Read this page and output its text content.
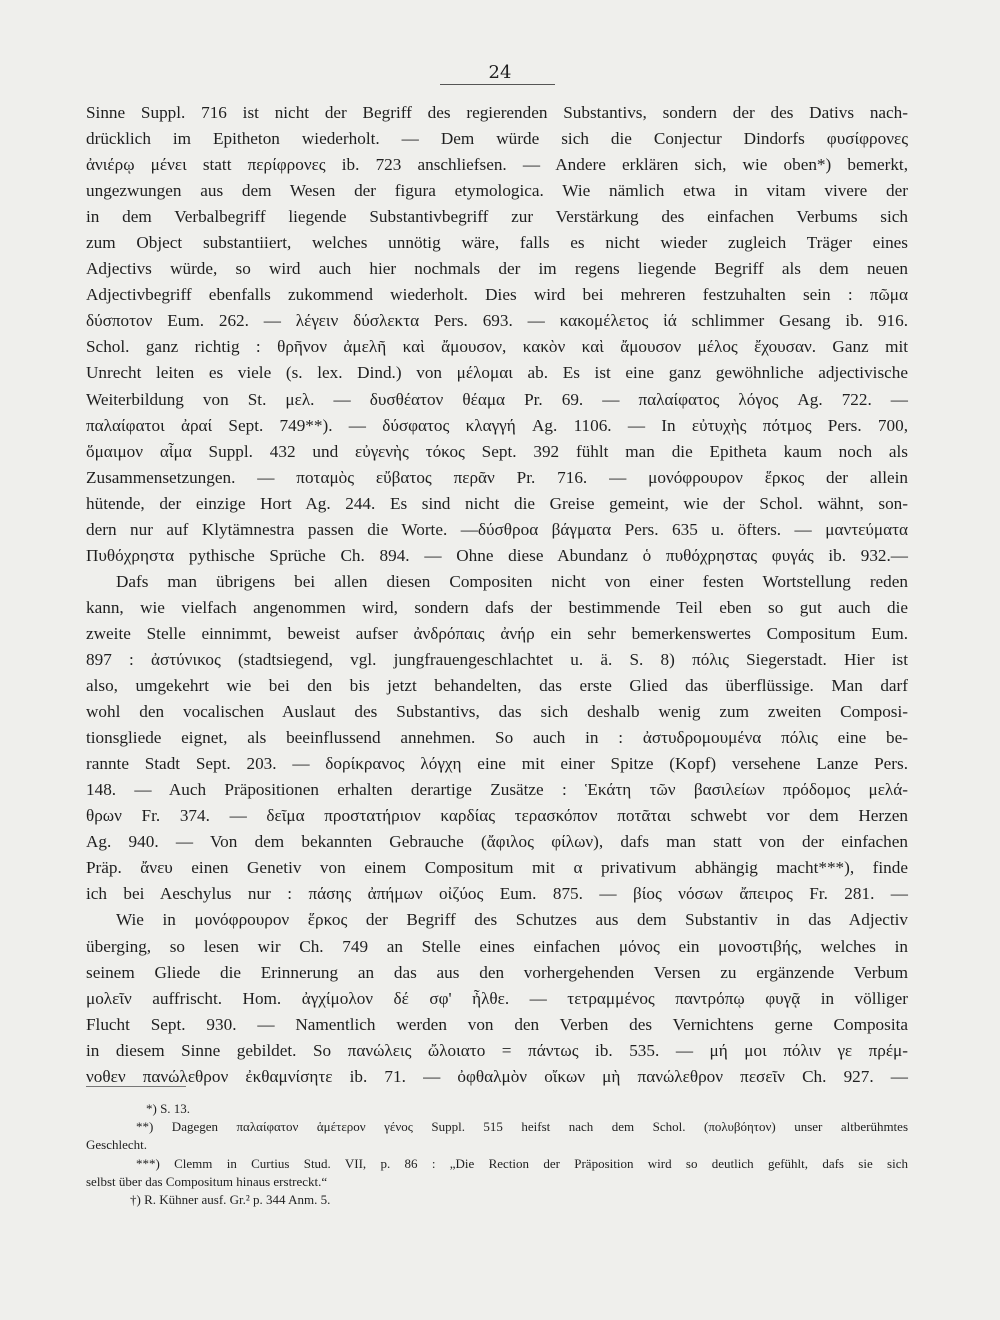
24
Sinne Suppl. 716 ist nicht der Begriff des regierenden Substantivs, sondern der des Dativs nach-
drücklich im Epitheton wiederholt. — Dem würde sich die Conjectur Dindorfs φυσίφρονες
ἀνιέρῳ μένει statt περίφρονες ib. 723 anschliefsen. — Andere erklären sich, wie oben*) bemerkt,
ungezwungen aus dem Wesen der figura etymologica. Wie nämlich etwa in vitam vivere der
in dem Verbalbegriff liegende Substantivbegriff zur Verstärkung des einfachen Verbums sich
zum Object substantiiert, welches unnötig wäre, falls es nicht wieder zugleich Träger eines
Adjectivs würde, so wird auch hier nochmals der im regens liegende Begriff als dem neuen
Adjectivbegriff ebenfalls zukommend wiederholt. Dies wird bei mehreren festzuhalten sein : πῶμα
δύσποτον Eum. 262. — λέγειν δύσλεκτα Pers. 693. — κακομέλετος ἰά schlimmer Gesang ib. 916.
Schol. ganz richtig : θρῆνον ἀμελῆ καὶ ἄμουσον, κακὸν καὶ ἄμουσον μέλος ἔχουσαν. Ganz mit
Unrecht leiten es viele (s. lex. Dind.) von μέλομαι ab. Es ist eine ganz gewöhnliche adjectivische
Weiterbildung von St. μελ. — δυσθέατον θέαμα Pr. 69. — παλαίφατος λόγος Ag. 722. —
παλαίφατοι ἀραί Sept. 749**). — δύσφατος κλαγγή Ag. 1106. — In εὐτυχὴς πότμος Pers. 700,
ὅμαιμον αἷμα Suppl. 432 und εὐγενὴς τόκος Sept. 392 fühlt man die Epitheta kaum noch als
Zusammensetzungen. — ποταμὸς εὔβατος περᾶν Pr. 716. — μονόφρουρον ἕρκος der allein
hütende, der einzige Hort Ag. 244. Es sind nicht die Greise gemeint, wie der Schol. wähnt, son-
dern nur auf Klytämnestra passen die Worte. —δύσθροα βάγματα Pers. 635 u. öfters. — μαντεύματα
Πυθόχρηστα pythische Sprüche Ch. 894. — Ohne diese Abundanz ὁ πυθόχρηστας φυγάς ib. 932.—
Dafs man übrigens bei allen diesen Compositen nicht von einer festen Wortstellung reden
kann, wie vielfach angenommen wird, sondern dafs der bestimmende Teil eben so gut auch die
zweite Stelle einnimmt, beweist aufser ἀνδρόπαις ἀνήρ ein sehr bemerkenswertes Compositum Eum.
897 : ἀστύνικος (stadtsiegend, vgl. jungfrauengeschlachtet u. ä. S. 8) πόλις Siegerstadt. Hier ist
also, umgekehrt wie bei den bis jetzt behandelten, das erste Glied das überflüssige. Man darf
wohl den vocalischen Auslaut des Substantivs, das sich deshalb wenig zum zweiten Composi-
tionsgliede eignet, als beeinflussend annehmen. So auch in : ἀστυδρομουμένα πόλις eine be-
rannte Stadt Sept. 203. — δορίκρανος λόγχη eine mit einer Spitze (Kopf) versehene Lanze Pers.
148. — Auch Präpositionen erhalten derartige Zusätze : Ἑκάτη τῶν βασιλείων πρόδομος μελά-
θρων Fr. 374. — δεῖμα προστατήριον καρδίας τερασκόπον ποτᾶται schwebt vor dem Herzen
Ag. 940. — Von dem bekannten Gebrauche (ἄφιλος φίλων), dafs man statt von der einfachen
Präp. ἄνευ einen Genetiv von einem Compositum mit α privativum abhängig macht***), finde
ich bei Aeschylus nur : πάσης ἀπήμων οἰζύος Eum. 875. — βίος νόσων ἄπειρος Fr. 281. —
Wie in μονόφρουρον ἕρκος der Begriff des Schutzes aus dem Substantiv in das Adjectiv
überging, so lesen wir Ch. 749 an Stelle eines einfachen μόνος ein μονοστιβής, welches in
seinem Gliede die Erinnerung an das aus den vorhergehenden Versen zu ergänzende Verbum
μολεῖν auffrischt. Hom. ἀγχίμολον δέ σφ' ἦλθε. — τετραμμένος παντρόπῳ φυγᾷ in völliger
Flucht Sept. 930. — Namentlich werden von den Verben des Vernichtens gerne Composita
in diesem Sinne gebildet. So πανώλεις ὤλοιατο = πάντως ib. 535. — μή μοι πόλιν γε πρέμ-
νοθεν πανώλεθρον ἐκθαμνίσητε ib. 71. — ὀφθαλμὸν οἴκων μὴ πανώλεθρον πεσεῖν Ch. 927. —
*) S. 13.
**) Dagegen παλαίφατον ἁμέτερον γένος Suppl. 515 heifst nach dem Schol. (πολυβόητον) unser altberühmtes
Geschlecht.
***) Clemm in Curtius Stud. VII, p. 86 : „Die Rection der Präposition wird so deutlich gefühlt, dafs sie sich
selbst über das Compositum hinaus erstreckt.“
†) R. Kühner ausf. Gr.² p. 344 Anm. 5.
